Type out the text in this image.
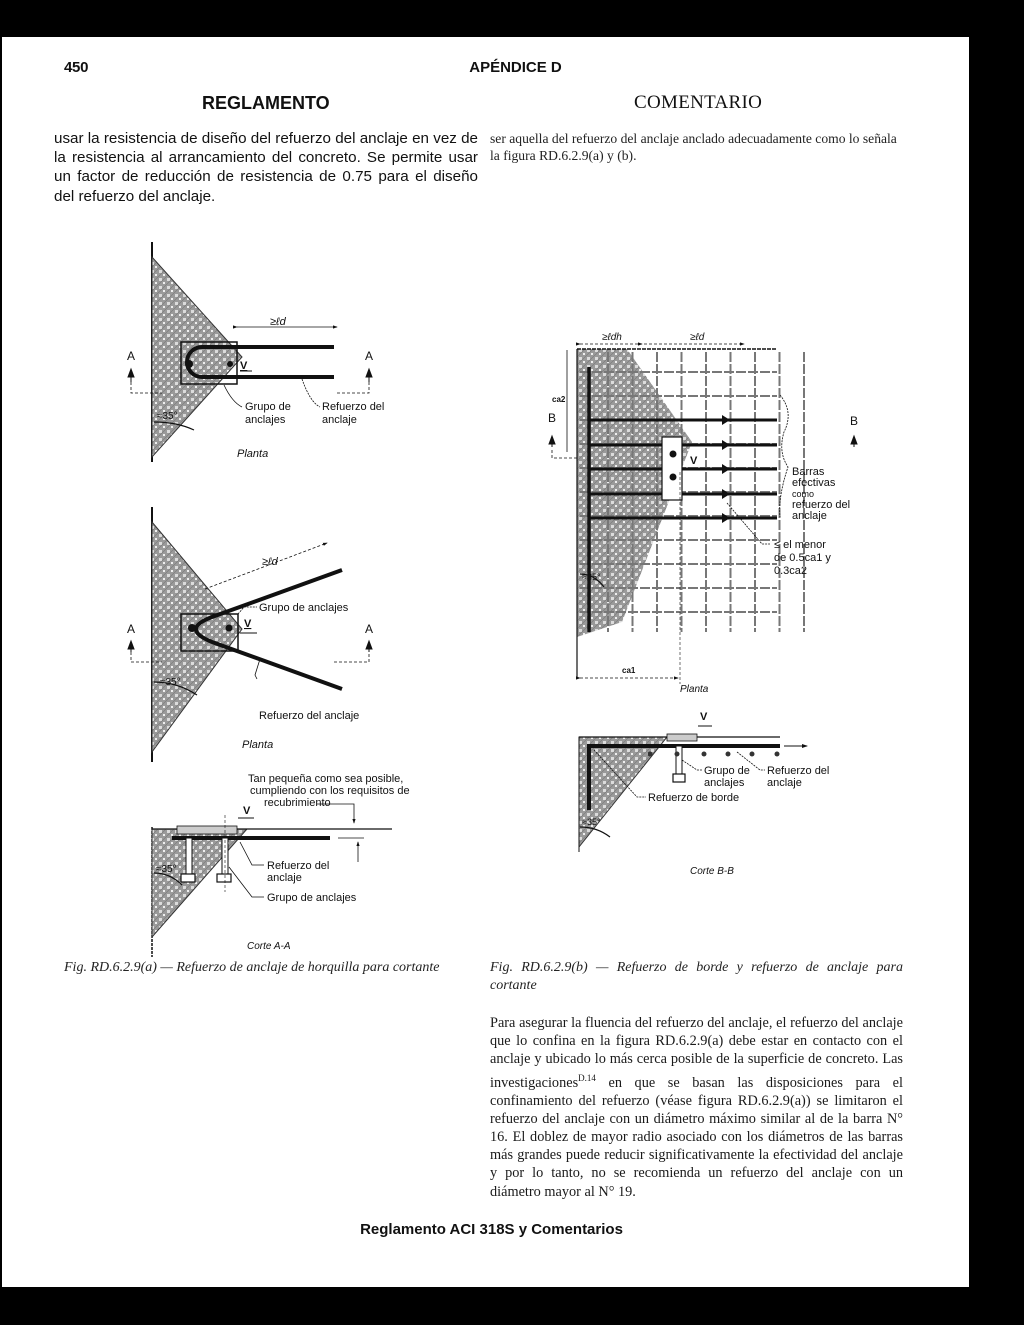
450	APÉNDICE D
REGLAMENTO	COMENTARIO
usar la resistencia de diseño del refuerzo del anclaje en vez de la resistencia al arrancamiento del concreto. Se permite usar un factor de reducción de resistencia de 0.75 para el diseño del refuerzo del anclaje.
ser aquella del refuerzo del anclaje anclado adecuadamente como lo señala la figura RD.6.2.9(a) y (b).
≥ℓd
V
A	A
Grupo de
anclajes
Refuerzo del
anclaje
≈35°
Planta
≥ℓd
Grupo de anclajes
V
A	A
Refuerzo del anclaje
≈35°
Planta
Tan pequeña como sea posible,
cumpliendo con los requisitos de
recubrimiento
V
Refuerzo del
anclaje
Grupo de anclajes
≈35°
Corte A-A
V
≥ℓdh	≥ℓd
ca2
B	B
Barras
efectivas
como
refuerzo del
anclaje
≤ el menor
de 0.5ca1 y
0.3ca2
≈35°
ca1
Planta
V
Grupo de
anclajes
Refuerzo del
anclaje
Refuerzo de borde
≈35°
Corte B-B
Fig. RD.6.2.9(a) — Refuerzo de anclaje de horquilla para cortante	Fig. RD.6.2.9(b) — Refuerzo de borde y refuerzo de anclaje para cortante
Para asegurar la fluencia del refuerzo del anclaje, el refuerzo del anclaje que lo confina en la figura RD.6.2.9(a) debe estar en contacto con el anclaje y ubicado lo más cerca posible de la superficie de concreto. Las investigaciones$^{D.14}$ en que se basan las disposiciones para el confinamiento del refuerzo (véase figura RD.6.2.9(a)) se limitaron el refuerzo del anclaje con un diámetro máximo similar al de la barra N° 16. El doblez de mayor radio asociado con los diámetros de las barras más grandes puede reducir significativamente la efectividad del anclaje y por lo tanto, no se recomienda un refuerzo del anclaje con un diámetro mayor al N° 19.
Reglamento ACI 318S y Comentarios
